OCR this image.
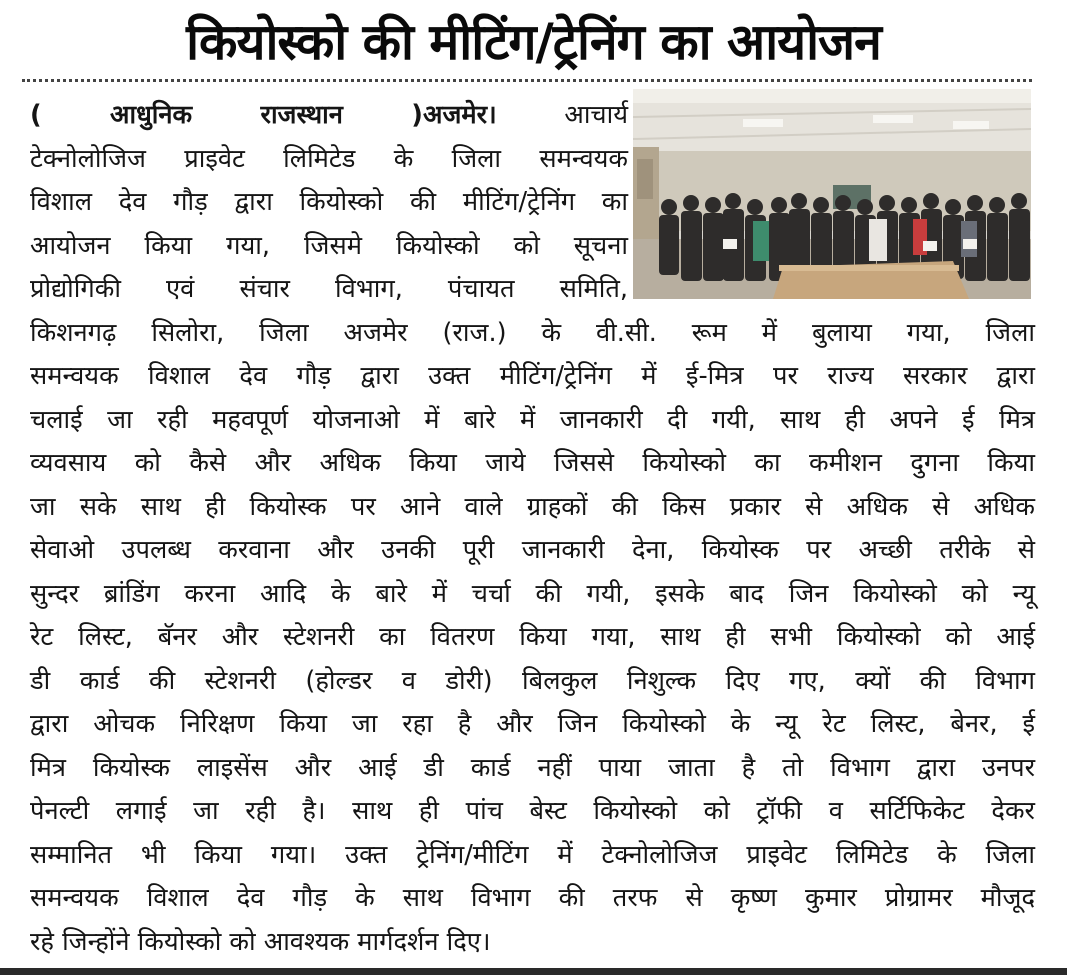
कियोस्को की मीटिंग/ट्रेनिंग का आयोजन
( आधुनिक राजस्थान )अजमेर।	आचार्य
टेक्नोलोजिज प्राइवेट लिमिटेड के जिला समन्वयक
विशाल देव गौड़ द्वारा कियोस्को की मीटिंग/ट्रेनिंग का
आयोजन किया गया, जिसमे कियोस्को को सूचना
प्रोद्योगिकी एवं संचार विभाग, पंचायत समिति,
किशनगढ़ सिलोरा, जिला अजमेर (राज.) के वी.सी. रूम में बुलाया गया, जिला
समन्वयक विशाल देव गौड़ द्वारा उक्त मीटिंग/ट्रेनिंग में ई-मित्र पर राज्य सरकार द्वारा
चलाई जा रही महवपूर्ण योजनाओ में बारे में जानकारी दी गयी, साथ ही अपने ई मित्र
व्यवसाय को कैसे और अधिक किया जाये जिससे कियोस्को का कमीशन दुगना किया
जा सके साथ ही कियोस्क पर आने वाले ग्राहकों की किस प्रकार से अधिक से अधिक
सेवाओ उपलब्ध करवाना और उनकी पूरी जानकारी देना, कियोस्क पर अच्छी तरीके से
सुन्दर ब्रांडिंग करना आदि के बारे में चर्चा की गयी, इसके बाद जिन कियोस्को को न्यू
रेट लिस्ट, बॅनर और स्टेशनरी का वितरण किया गया, साथ ही सभी कियोस्को को आई
डी कार्ड की स्टेशनरी (होल्डर व डोरी) बिलकुल निशुल्क दिए गए, क्यों की विभाग
द्वारा ओचक निरिक्षण किया जा रहा है और जिन कियोस्को के न्यू रेट लिस्ट, बेनर, ई
मित्र कियोस्क लाइसेंस और आई डी कार्ड नहीं पाया जाता है तो विभाग द्वारा उनपर
पेनल्टी लगाई जा रही है। साथ ही पांच बेस्ट कियोस्को को ट्रॉफी व सर्टिफिकेट देकर
सम्मानित भी किया गया। उक्त ट्रेनिंग/मीटिंग में टेक्नोलोजिज प्राइवेट लिमिटेड के जिला
समन्वयक विशाल देव गौड़ के साथ विभाग की तरफ से कृष्ण कुमार प्रोग्रामर मौजूद
रहे जिन्होंने कियोस्को को आवश्यक मार्गदर्शन दिए।
